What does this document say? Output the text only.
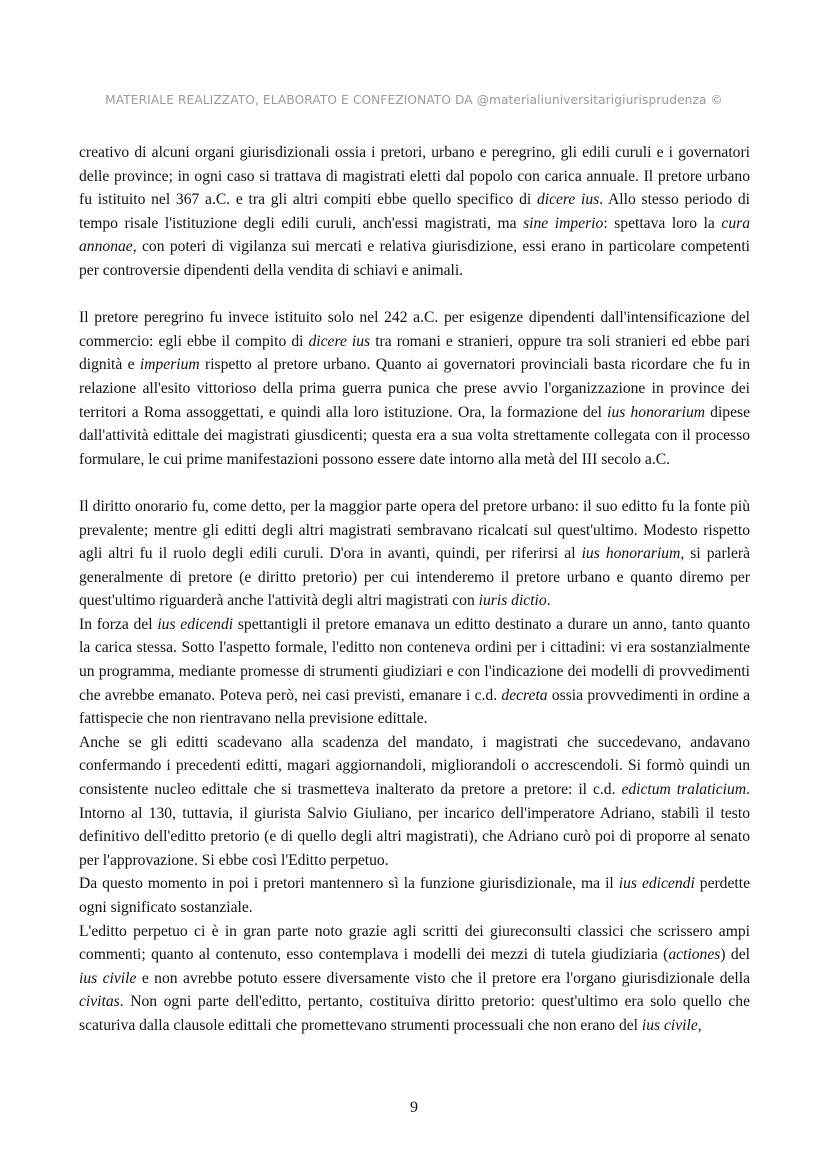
MATERIALE REALIZZATO, ELABORATO E CONFEZIONATO DA @materialiuniversitarigiurisprudenza ©

creativo di alcuni organi giurisdizionali ossia i pretori, urbano e peregrino, gli edili curuli e i governatori delle province; in ogni caso si trattava di magistrati eletti dal popolo con carica annuale. Il pretore urbano fu istituito nel 367 a.C. e tra gli altri compiti ebbe quello specifico di dicere ius. Allo stesso periodo di tempo risale l'istituzione degli edili curuli, anch'essi magistrati, ma sine imperio: spettava loro la cura annonae, con poteri di vigilanza sui mercati e relativa giurisdizione, essi erano in particolare competenti per controversie dipendenti della vendita di schiavi e animali.

Il pretore peregrino fu invece istituito solo nel 242 a.C. per esigenze dipendenti dall'intensificazione del commercio: egli ebbe il compito di dicere ius tra romani e stranieri, oppure tra soli stranieri ed ebbe pari dignità e imperium rispetto al pretore urbano. Quanto ai governatori provinciali basta ricordare che fu in relazione all'esito vittorioso della prima guerra punica che prese avvio l'organizzazione in province dei territori a Roma assoggettati, e quindi alla loro istituzione. Ora, la formazione del ius honorarium dipese dall'attività edittale dei magistrati giusdicenti; questa era a sua volta strettamente collegata con il processo formulare, le cui prime manifestazioni possono essere date intorno alla metà del III secolo a.C.

Il diritto onorario fu, come detto, per la maggior parte opera del pretore urbano: il suo editto fu la fonte più prevalente; mentre gli editti degli altri magistrati sembravano ricalcati sul quest'ultimo. Modesto rispetto agli altri fu il ruolo degli edili curuli. D'ora in avanti, quindi, per riferirsi al ius honorarium, si parlerà generalmente di pretore (e diritto pretorio) per cui intenderemo il pretore urbano e quanto diremo per quest'ultimo riguarderà anche l'attività degli altri magistrati con iuris dictio.

In forza del ius edicendi spettantigli il pretore emanava un editto destinato a durare un anno, tanto quanto la carica stessa. Sotto l'aspetto formale, l'editto non conteneva ordini per i cittadini: vi era sostanzialmente un programma, mediante promesse di strumenti giudiziari e con l'indicazione dei modelli di provvedimenti che avrebbe emanato. Poteva però, nei casi previsti, emanare i c.d. decreta ossia provvedimenti in ordine a fattispecie che non rientravano nella previsione edittale.

Anche se gli editti scadevano alla scadenza del mandato, i magistrati che succedevano, andavano confermando i precedenti editti, magari aggiornandoli, migliorandoli o accrescendoli. Si formò quindi un consistente nucleo edittale che si trasmetteva inalterato da pretore a pretore: il c.d. edictum tralaticium. Intorno al 130, tuttavia, il giurista Salvio Giuliano, per incarico dell'imperatore Adriano, stabilì il testo definitivo dell'editto pretorio (e di quello degli altri magistrati), che Adriano curò poi di proporre al senato per l'approvazione. Si ebbe così l'Editto perpetuo.

Da questo momento in poi i pretori mantennero sì la funzione giurisdizionale, ma il ius edicendi perdette ogni significato sostanziale.

L'editto perpetuo ci è in gran parte noto grazie agli scritti dei giureconsulti classici che scrissero ampi commenti; quanto al contenuto, esso contemplava i modelli dei mezzi di tutela giudiziaria (actiones) del ius civile e non avrebbe potuto essere diversamente visto che il pretore era l'organo giurisdizionale della civitas. Non ogni parte dell'editto, pertanto, costituiva diritto pretorio: quest'ultimo era solo quello che scaturiva dalla clausole edittali che promettevano strumenti processuali che non erano del ius civile,

9
